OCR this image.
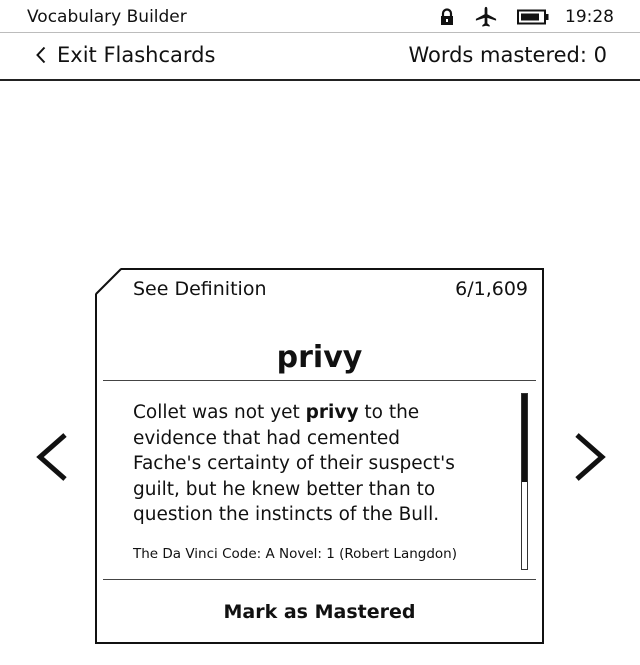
Vocabulary Builder	19:28
Exit Flashcards	Words mastered: 0
See Definition	6/1,609
privy

Collet was not yet privy to the evidence that had cemented Fache's certainty of their suspect's guilt, but he knew better than to question the instincts of the Bull.

The Da Vinci Code: A Novel: 1 (Robert Langdon)

Mark as Mastered
